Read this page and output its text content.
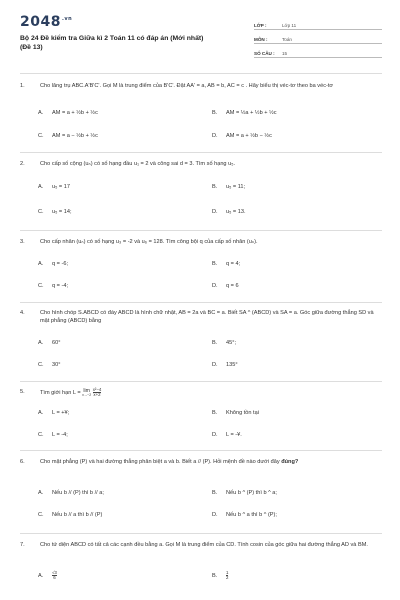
$2048^{.vn}$
Bộ 24 Đề kiểm tra Giữa kì 2 Toán 11 có đáp án (Mới nhất)
(Đề 13)
LỚP :	Lớp 11
MÔN :	Toán
SỐ CÂU :	15
1.	Cho lăng trụ ABC.A'B'C'. Gọi M là trung điểm của B'C'. Đặt AA' = a, AB = b, AC = c . Hãy biểu thị véc-tơ theo ba véc-tơ
A. AM = a + ½b + ½c	B. AM = ½a + ½b + ½c
C. AM = a − ½b + ½c	D. AM = a + ½b − ½c
2.	Cho cấp số cộng (uₙ) có số hạng đầu u₁ = 2 và công sai d = 3. Tìm số hạng u₅.
A. u₅ = 17	B. u₅ = 11;
C. u₅ = 14;	D. u₅ = 13.
3.	Cho cấp nhân (uₙ) có số hạng u₃ = -2 và u₆ = 128. Tìm công bội q của cấp số nhân (uₙ).
A. q = -6;	B. q = 4;
C. q = -4;	D. q = 6
4.	Cho hình chóp S.ABCD có đáy ABCD là hình chữ nhật, AB = 2a và BC = a. Biết SA ^ (ABCD) và SA = a. Góc giữa đường thẳng SD và mặt phẳng (ABCD) bằng
A. 60°	B. 45°;
C. 30°	D. 135°
5.	Tìm giới hạn L = lim
x→−2
$\frac{\text{x²−4}}{x+2}$
A. L = +¥;	B. Không tồn tại
C. L = -4;	D. L = -¥.
6.	Cho mặt phẳng (P) và hai đường thẳng phân biệt a và b. Biết a // (P). Hỏi mệnh đề nào dưới đây đúng?
A. Nếu b // (P) thì b // a;	B. Nếu b ^ (P) thì b ^ a;
C. Nếu b // a thì b // (P)	D. Nếu b ^ a thì b ^ (P);
7.	Cho tứ diện ABCD có tất cả các cạnh đều bằng a. Gọi M là trung điểm của CD. Tính cosin của góc giữa hai đường thẳng AD và BM.
A. $\frac{√3}{6}$	B. $\frac{1}{2}$
